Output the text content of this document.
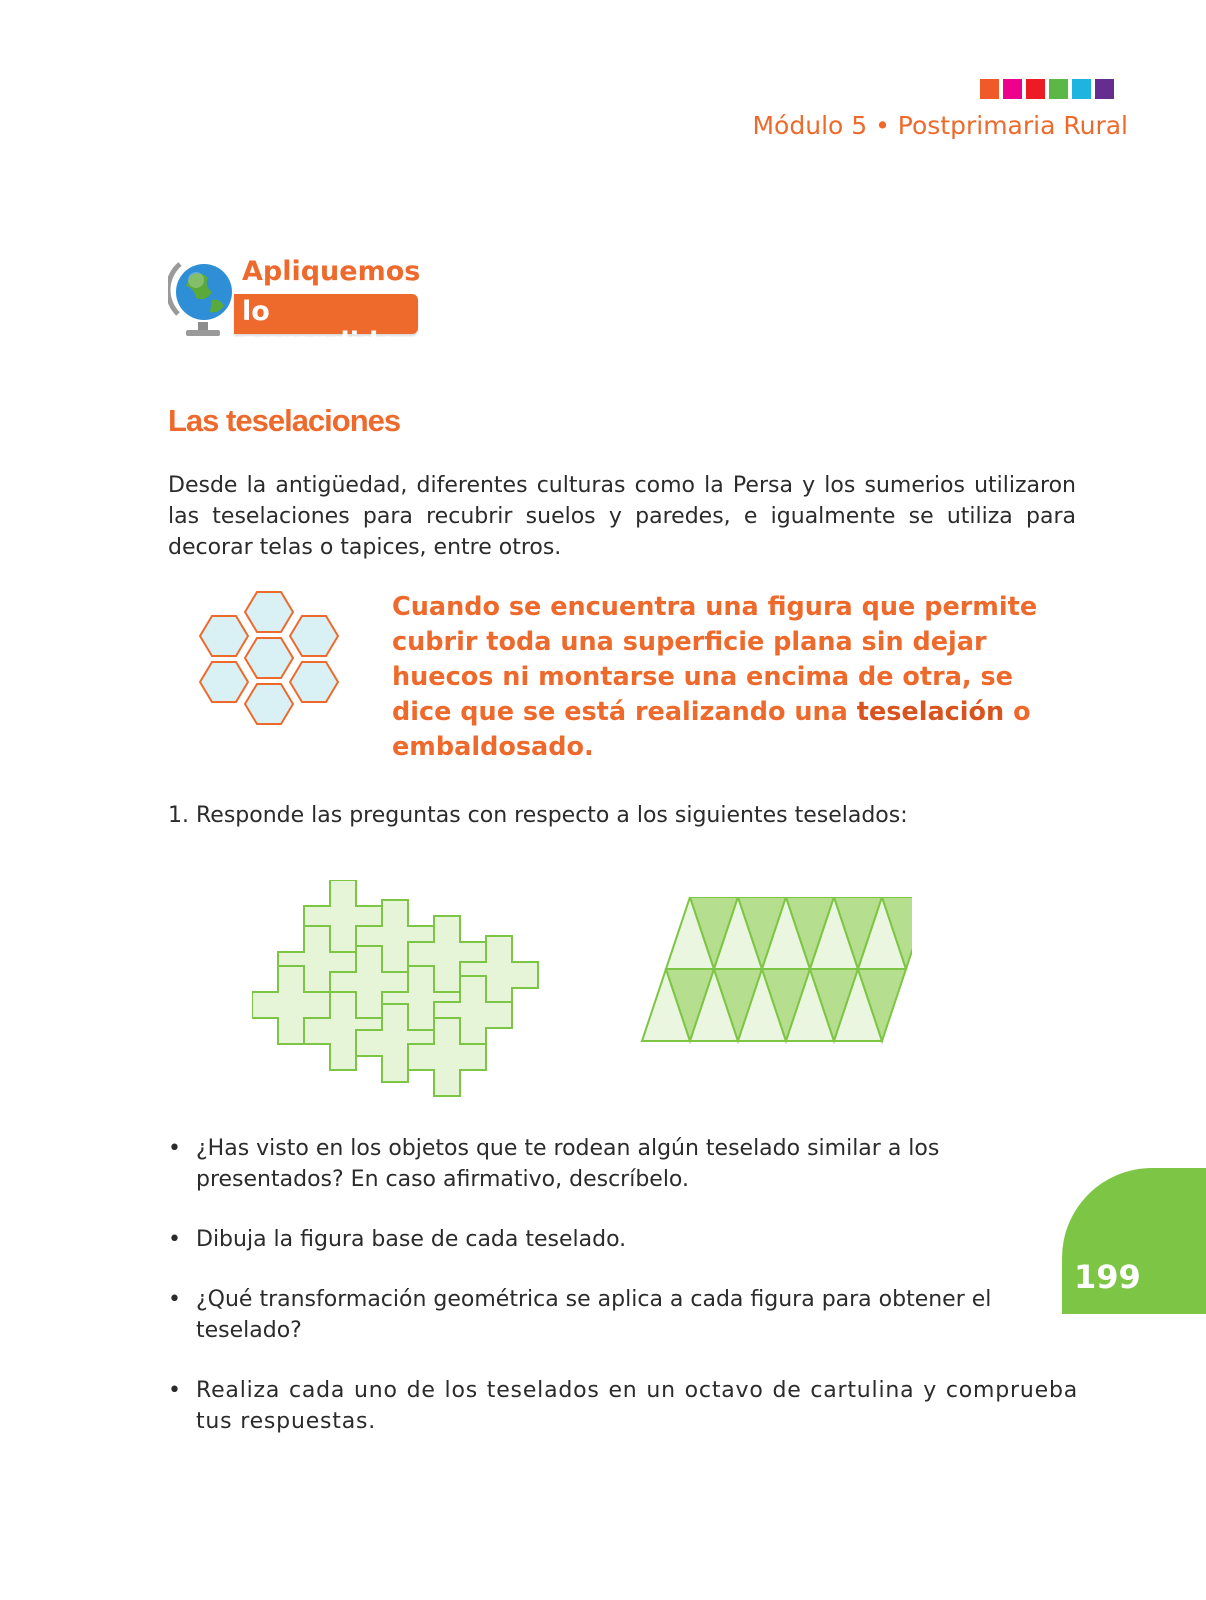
Módulo 5 • Postprimaria Rural
Apliquemos
lo aprendido
Las teselaciones

Desde la antigüedad, diferentes culturas como la Persa y los sumerios utilizaron las teselaciones para recubrir suelos y paredes, e igualmente se utiliza para decorar telas o tapices, entre otros.

Cuando se encuentra una figura que permite cubrir toda una superficie plana sin dejar huecos ni montarse una encima de otra, se dice que se está realizando una teselación o embaldosado.
1. Responde las preguntas con respecto a los siguientes teselados:
• ¿Has visto en los objetos que te rodean algún teselado similar a los presentados? En caso afirmativo, descríbelo.
• Dibuja la figura base de cada teselado.
• ¿Qué transformación geométrica se aplica a cada figura para obtener el teselado?
• Realiza cada uno de los teselados en un octavo de cartulina y comprueba tus respuestas.
199
